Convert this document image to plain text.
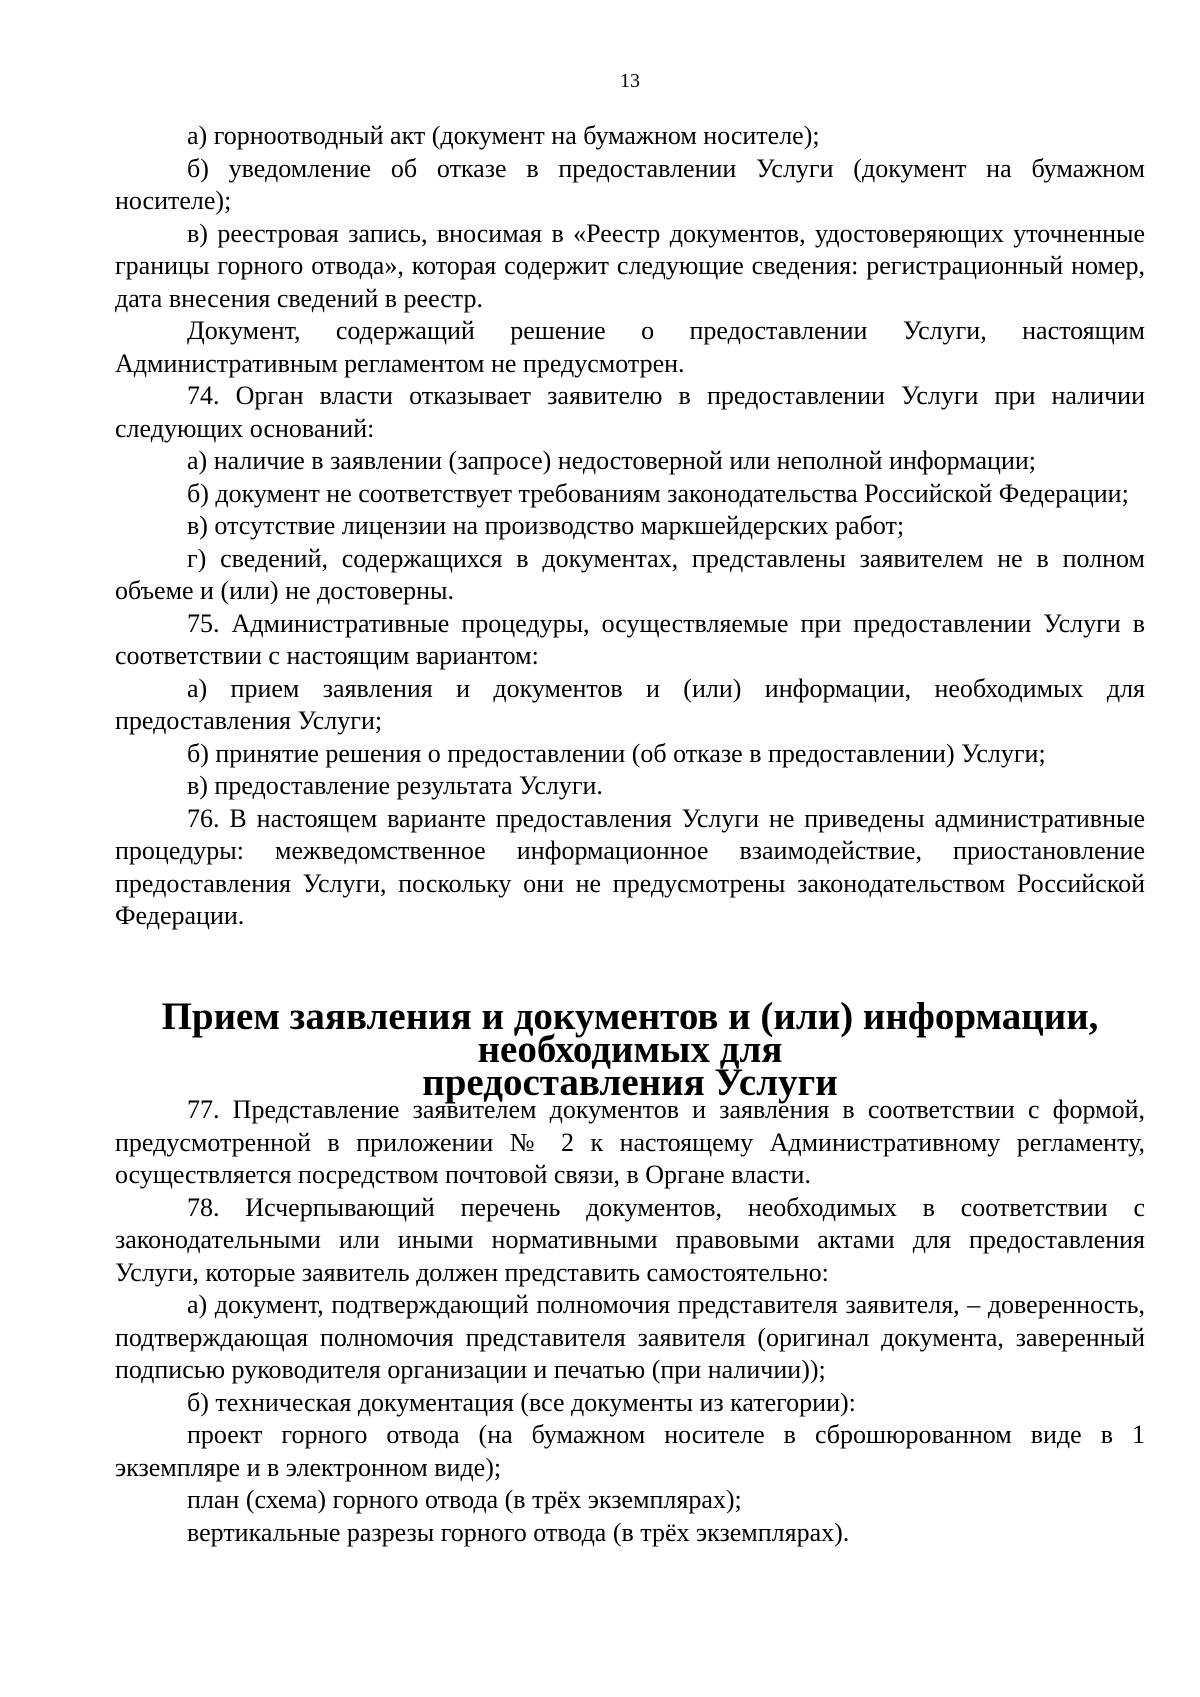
13

а) горноотводный акт (документ на бумажном носителе);

б) уведомление об отказе в предоставлении Услуги (документ на бумажном носителе);

в) реестровая запись, вносимая в «Реестр документов, удостоверяющих уточненные границы горного отвода», которая содержит следующие сведения: регистрационный номер, дата внесения сведений в реестр.

Документ, содержащий решение о предоставлении Услуги, настоящим Административным регламентом не предусмотрен.

74. Орган власти отказывает заявителю в предоставлении Услуги при наличии следующих оснований:

а) наличие в заявлении (запросе) недостоверной или неполной информации;

б) документ не соответствует требованиям законодательства Российской Федерации;

в) отсутствие лицензии на производство маркшейдерских работ;

г) сведений, содержащихся в документах, представлены заявителем не в полном объеме и (или) не достоверны.

75. Административные процедуры, осуществляемые при предоставлении Услуги в соответствии с настоящим вариантом:

а) прием заявления и документов и (или) информации, необходимых для предоставления Услуги;

б) принятие решения о предоставлении (об отказе в предоставлении) Услуги;

в) предоставление результата Услуги.

76. В настоящем варианте предоставления Услуги не приведены административные процедуры: межведомственное информационное взаимодействие, приостановление предоставления Услуги, поскольку они не предусмотрены законодательством Российской Федерации.

Прием заявления и документов и (или) информации, необходимых для
предоставления Услуги

77. Представление заявителем документов и заявления в соответствии с формой, предусмотренной в приложении № 2 к настоящему Административному регламенту, осуществляется посредством почтовой связи, в Органе власти.

78. Исчерпывающий перечень документов, необходимых в соответствии с законодательными или иными нормативными правовыми актами для предоставления Услуги, которые заявитель должен представить самостоятельно:

а) документ, подтверждающий полномочия представителя заявителя, – доверенность, подтверждающая полномочия представителя заявителя (оригинал документа, заверенный подписью руководителя организации и печатью (при наличии));

б) техническая документация (все документы из категории):

проект горного отвода (на бумажном носителе в сброшюрованном виде в 1 экземпляре и в электронном виде);

план (схема) горного отвода (в трёх экземплярах);

вертикальные разрезы горного отвода (в трёх экземплярах).
